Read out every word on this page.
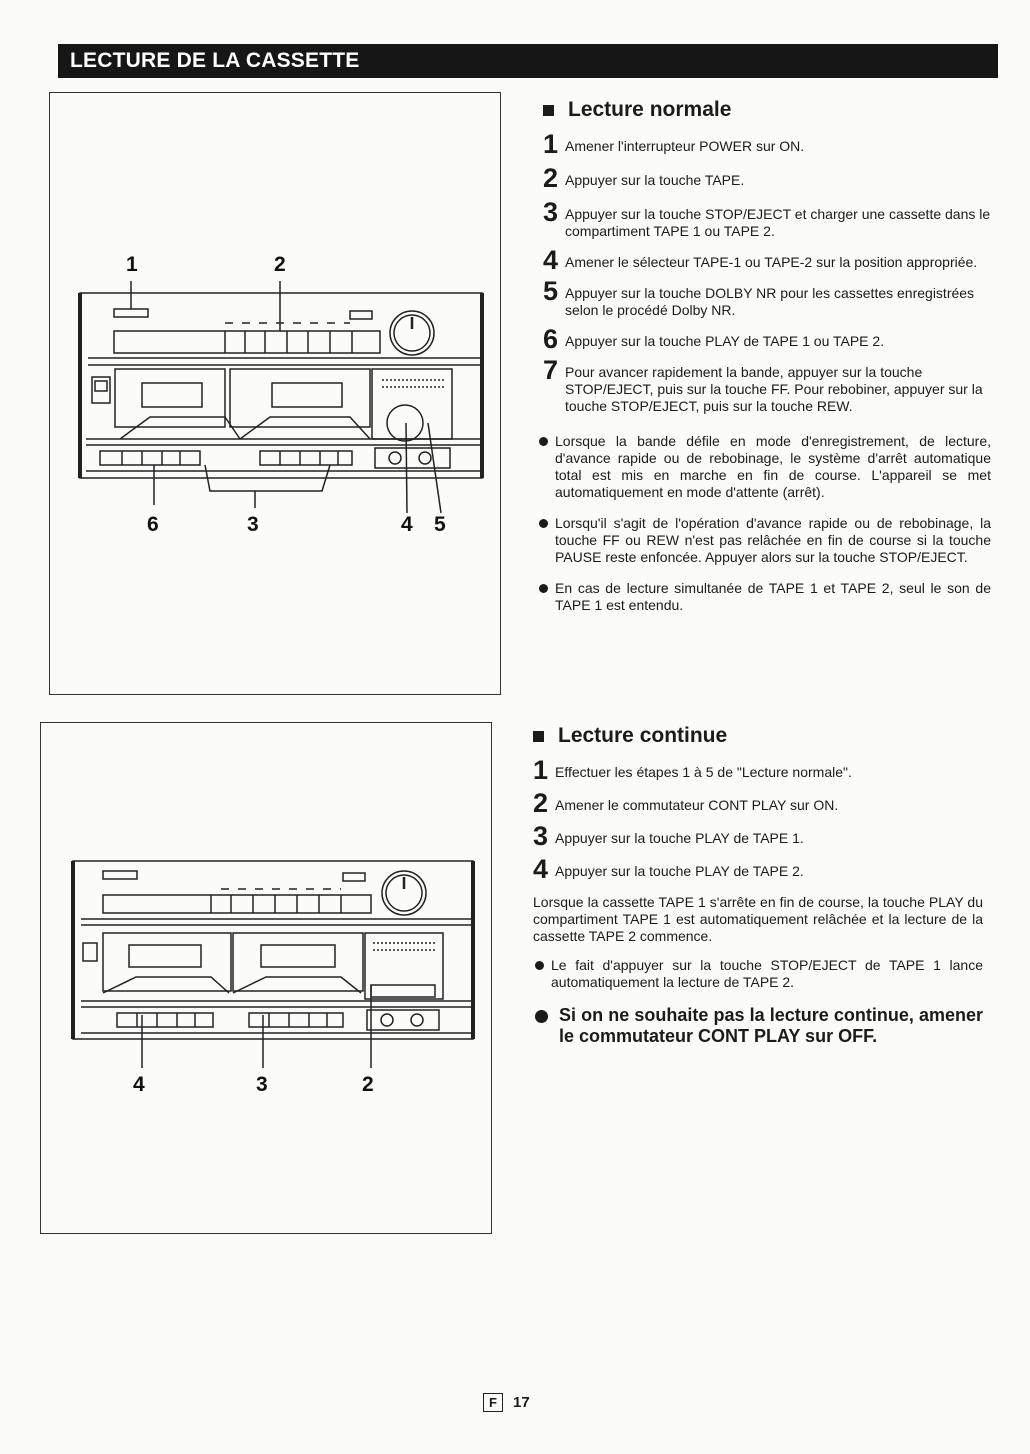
LECTURE DE LA CASSETTE
1	2
6	3	4 5
4	3	2
Lecture normale
1 Amener l'interrupteur POWER sur ON.
2 Appuyer sur la touche TAPE.
3 Appuyer sur la touche STOP/EJECT et charger une cassette dans le compartiment TAPE 1 ou TAPE 2.
4 Amener le sélecteur TAPE-1 ou TAPE-2 sur la position appropriée.
5 Appuyer sur la touche DOLBY NR pour les cassettes enregistrées selon le procédé Dolby NR.
6 Appuyer sur la touche PLAY de TAPE 1 ou TAPE 2.
7 Pour avancer rapidement la bande, appuyer sur la touche STOP/EJECT, puis sur la touche FF. Pour rebobiner, appuyer sur la touche STOP/EJECT, puis sur la touche REW.
Lorsque la bande défile en mode d'enregistrement, de lecture, d'avance rapide ou de rebobinage, le système d'arrêt automatique total est mis en marche en fin de course. L'appareil se met automatiquement en mode d'attente (arrêt).
Lorsqu'il s'agit de l'opération d'avance rapide ou de rebobinage, la touche FF ou REW n'est pas relâchée en fin de course si la touche PAUSE reste enfoncée. Appuyer alors sur la touche STOP/EJECT.
En cas de lecture simultanée de TAPE 1 et TAPE 2, seul le son de TAPE 1 est entendu.
Lecture continue
1 Effectuer les étapes 1 à 5 de "Lecture normale".
2 Amener le commutateur CONT PLAY sur ON.
3 Appuyer sur la touche PLAY de TAPE 1.
4 Appuyer sur la touche PLAY de TAPE 2.

Lorsque la cassette TAPE 1 s'arrête en fin de course, la touche PLAY du compartiment TAPE 1 est automatiquement relâchée et la lecture de la cassette TAPE 2 commence.

Le fait d'appuyer sur la touche STOP/EJECT de TAPE 1 lance automatiquement la lecture de TAPE 2.
Si on ne souhaite pas la lecture continue, amener le commutateur CONT PLAY sur OFF.
F	17
